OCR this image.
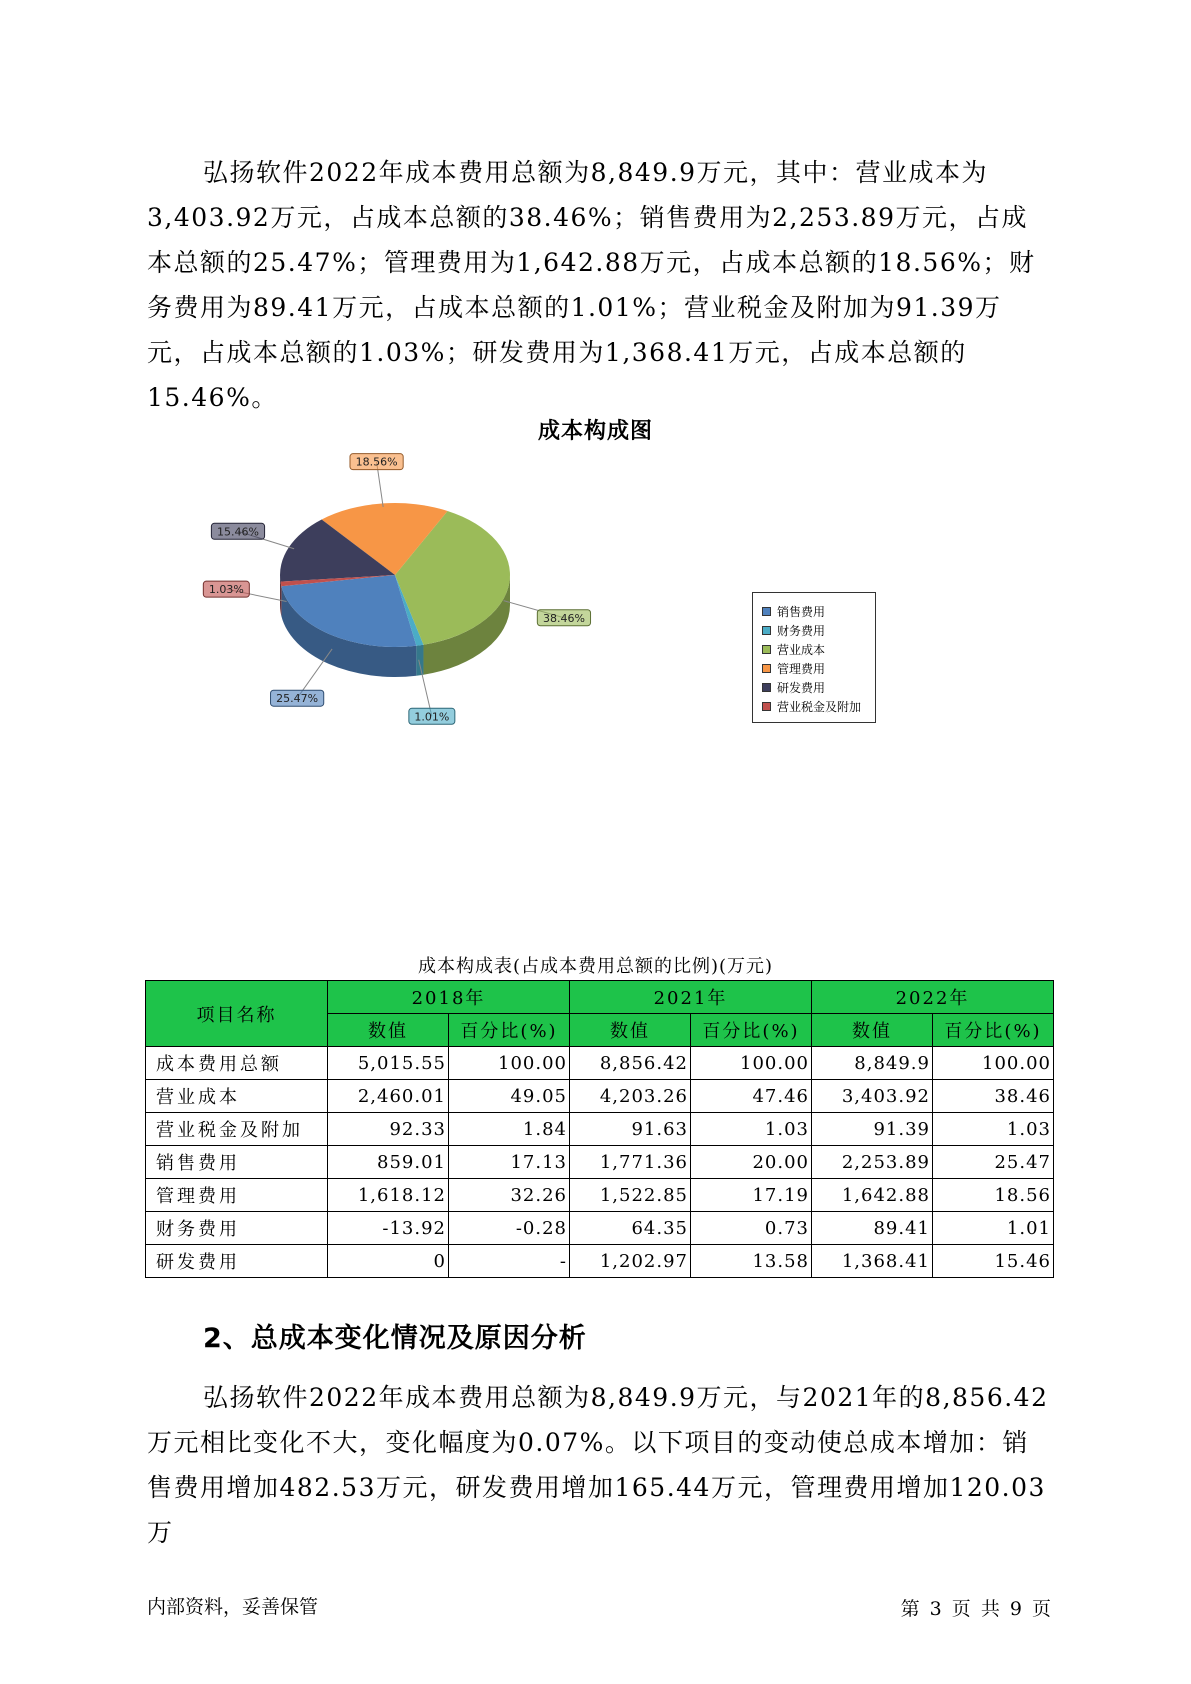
弘扬软件2022年成本费用总额为8,849.9万元，其中：营业成本为3,403.92万元，占成本总额的38.46%；销售费用为2,253.89万元，占成本总额的25.47%；管理费用为1,642.88万元，占成本总额的18.56%；财务费用为89.41万元，占成本总额的1.01%；营业税金及附加为91.39万元，占成本总额的1.03%；研发费用为1,368.41万元，占成本总额的15.46%。

成本构成图
25.47%
1.01%
38.46%
18.56%
15.46%
1.03%
销售费用
财务费用
营业成本
管理费用
研发费用
营业税金及附加
成本构成表(占成本费用总额的比例)(万元)
项目名称	2018年		2021年		2022年	
	数值	百分比(%)	数值	百分比(%)	数值	百分比(%)
成本费用总额	5,015.55	100.00	8,856.42	100.00	8,849.9	100.00
营业成本	2,460.01	49.05	4,203.26	47.46	3,403.92	38.46
营业税金及附加	92.33	1.84	91.63	1.03	91.39	1.03
销售费用	859.01	17.13	1,771.36	20.00	2,253.89	25.47
管理费用	1,618.12	32.26	1,522.85	17.19	1,642.88	18.56
财务费用	-13.92	-0.28	64.35	0.73	89.41	1.01
研发费用	0	-	1,202.97	13.58	1,368.41	15.46
2、总成本变化情况及原因分析

弘扬软件2022年成本费用总额为8,849.9万元，与2021年的8,856.42万元相比变化不大，变化幅度为0.07%。以下项目的变动使总成本增加：销售费用增加482.53万元，研发费用增加165.44万元，管理费用增加120.03万

内部资料，妥善保管	第 3 页 共 9 页
